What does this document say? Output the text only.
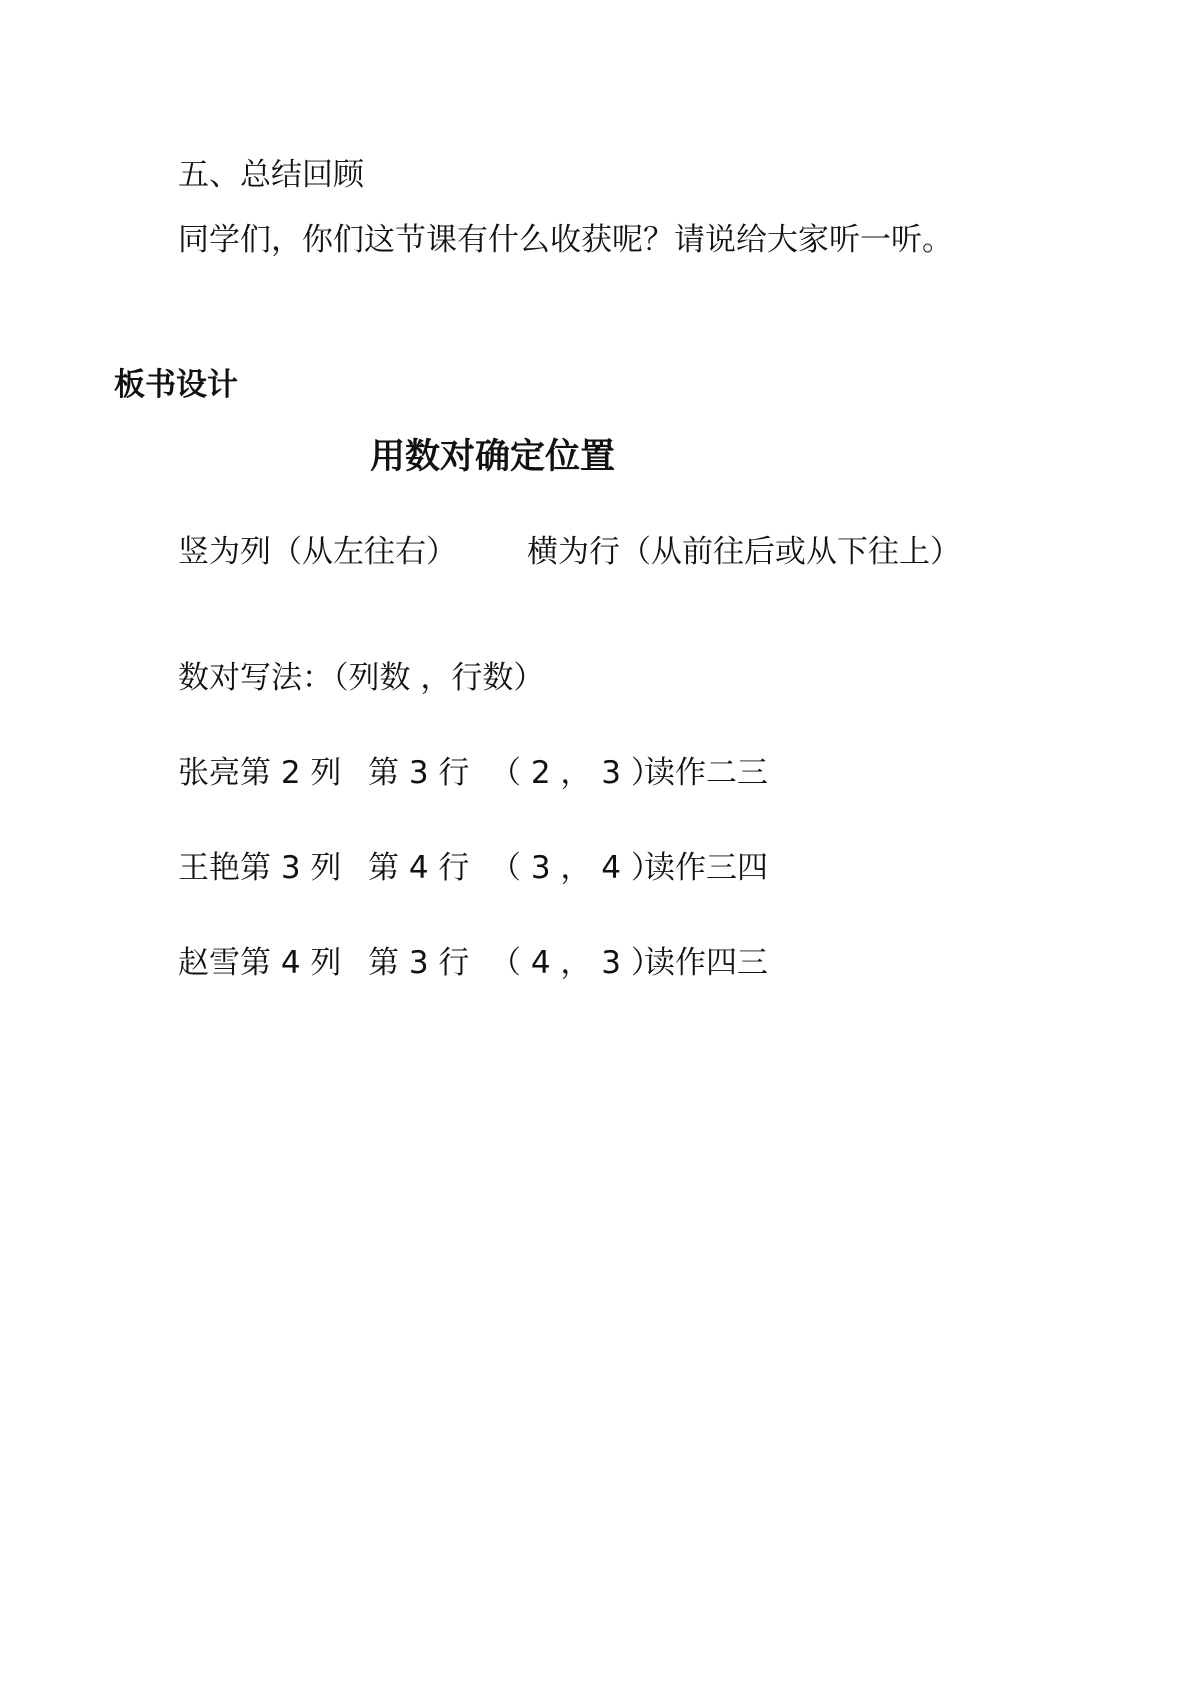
五、总结回顾
同学们，你们这节课有什么收获呢？请说给大家听一听。
板书设计
用数对确定位置
竖为列（从左往右） 横为行（从前往后或从下往上）
数对写法：（列数 ，行数）
张亮第 2 列 第 3 行 （ 2 ， 3 ）
读作二三
王艳第 3 列 第 4 行 （ 3 ， 4 ）
读作三四
赵雪第 4 列 第 3 行 （ 4 ， 3 ）
读作四三
